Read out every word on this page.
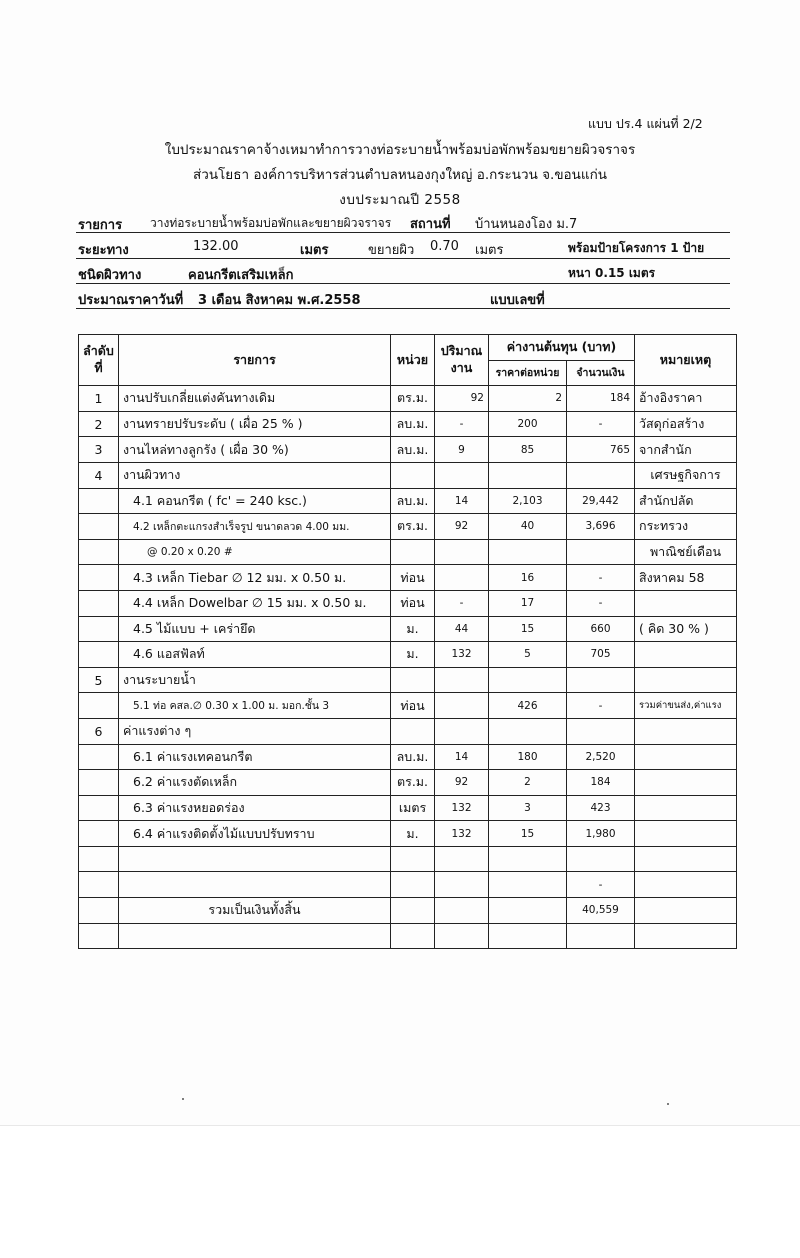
แบบ ปร.4 แผ่นที่ 2/2
ใบประมาณราคาจ้างเหมาทำการวางท่อระบายน้ำพร้อมบ่อพักพร้อมขยายผิวจราจร
ส่วนโยธา องค์การบริหารส่วนตำบลหนองกุงใหญ่ อ.กระนวน จ.ขอนแก่น
งบประมาณปี 2558
รายการ วางท่อระบายน้ำพร้อมบ่อพักและขยายผิวจราจร สถานที่ บ้านหนองโอง ม.7
ระยะทาง	132.00	เมตร	ขยายผิว 0.70 เมตร	พร้อมป้ายโครงการ 1 ป้าย
ชนิดผิวทาง	คอนกรีตเสริมเหล็ก	หนา 0.15 เมตร
ประมาณราคาวันที่ 3 เดือน สิงหาคม พ.ศ.2558	แบบเลขที่
ลำดับที่	รายการ	หน่วย	ปริมาณงาน	ค่างานต้นทุน (บาท)		หมายเหตุ
				ราคาต่อหน่วย	จำนวนเงิน	
1	งานปรับเกลี่ยแต่งคันทางเดิม	ตร.ม.	92	2	184	อ้างอิงราคา
2	งานทรายปรับระดับ ( เผื่อ 25 % )	ลบ.ม.	-	200	-	วัสดุก่อสร้าง
3	งานไหล่ทางลูกรัง ( เผื่อ 30 %)	ลบ.ม.	9	85	765	จากสำนัก
4	งานผิวทาง					เศรษฐกิจการ
	4.1 คอนกรีต ( fc' = 240 ksc.)	ลบ.ม.	14	2,103	29,442	สำนักปลัด
	4.2 เหล็กตะแกรงสำเร็จรูป ขนาดลวด 4.00 มม.	ตร.ม.	92	40	3,696	กระทรวง
	@ 0.20 x 0.20 #					พาณิชย์เดือน
	4.3 เหล็ก Tiebar ∅ 12 มม. x 0.50 ม.	ท่อน		16	-	สิงหาคม 58
	4.4 เหล็ก Dowelbar ∅ 15 มม. x 0.50 ม.	ท่อน	-	17	-	
	4.5 ไม้แบบ + เคร่ายึด	ม.	44	15	660	( คิด 30 % )
	4.6 แอสฟัลท์	ม.	132	5	705	
5	งานระบายน้ำ					
	5.1 ท่อ คสล.∅ 0.30 x 1.00 ม. มอก.ชั้น 3	ท่อน		426	-	รวมค่าขนส่ง,ค่าแรง
6	ค่าแรงต่าง ๆ					
	6.1 ค่าแรงเทคอนกรีต	ลบ.ม.	14	180	2,520	
	6.2 ค่าแรงตัดเหล็ก	ตร.ม.	92	2	184	
	6.3 ค่าแรงหยอดร่อง	เมตร	132	3	423	
	6.4 ค่าแรงติดตั้งไม้แบบปรับทราบ	ม.	132	15	1,980	

					-	
	รวมเป็นเงินทั้งสิ้น				40,559	
